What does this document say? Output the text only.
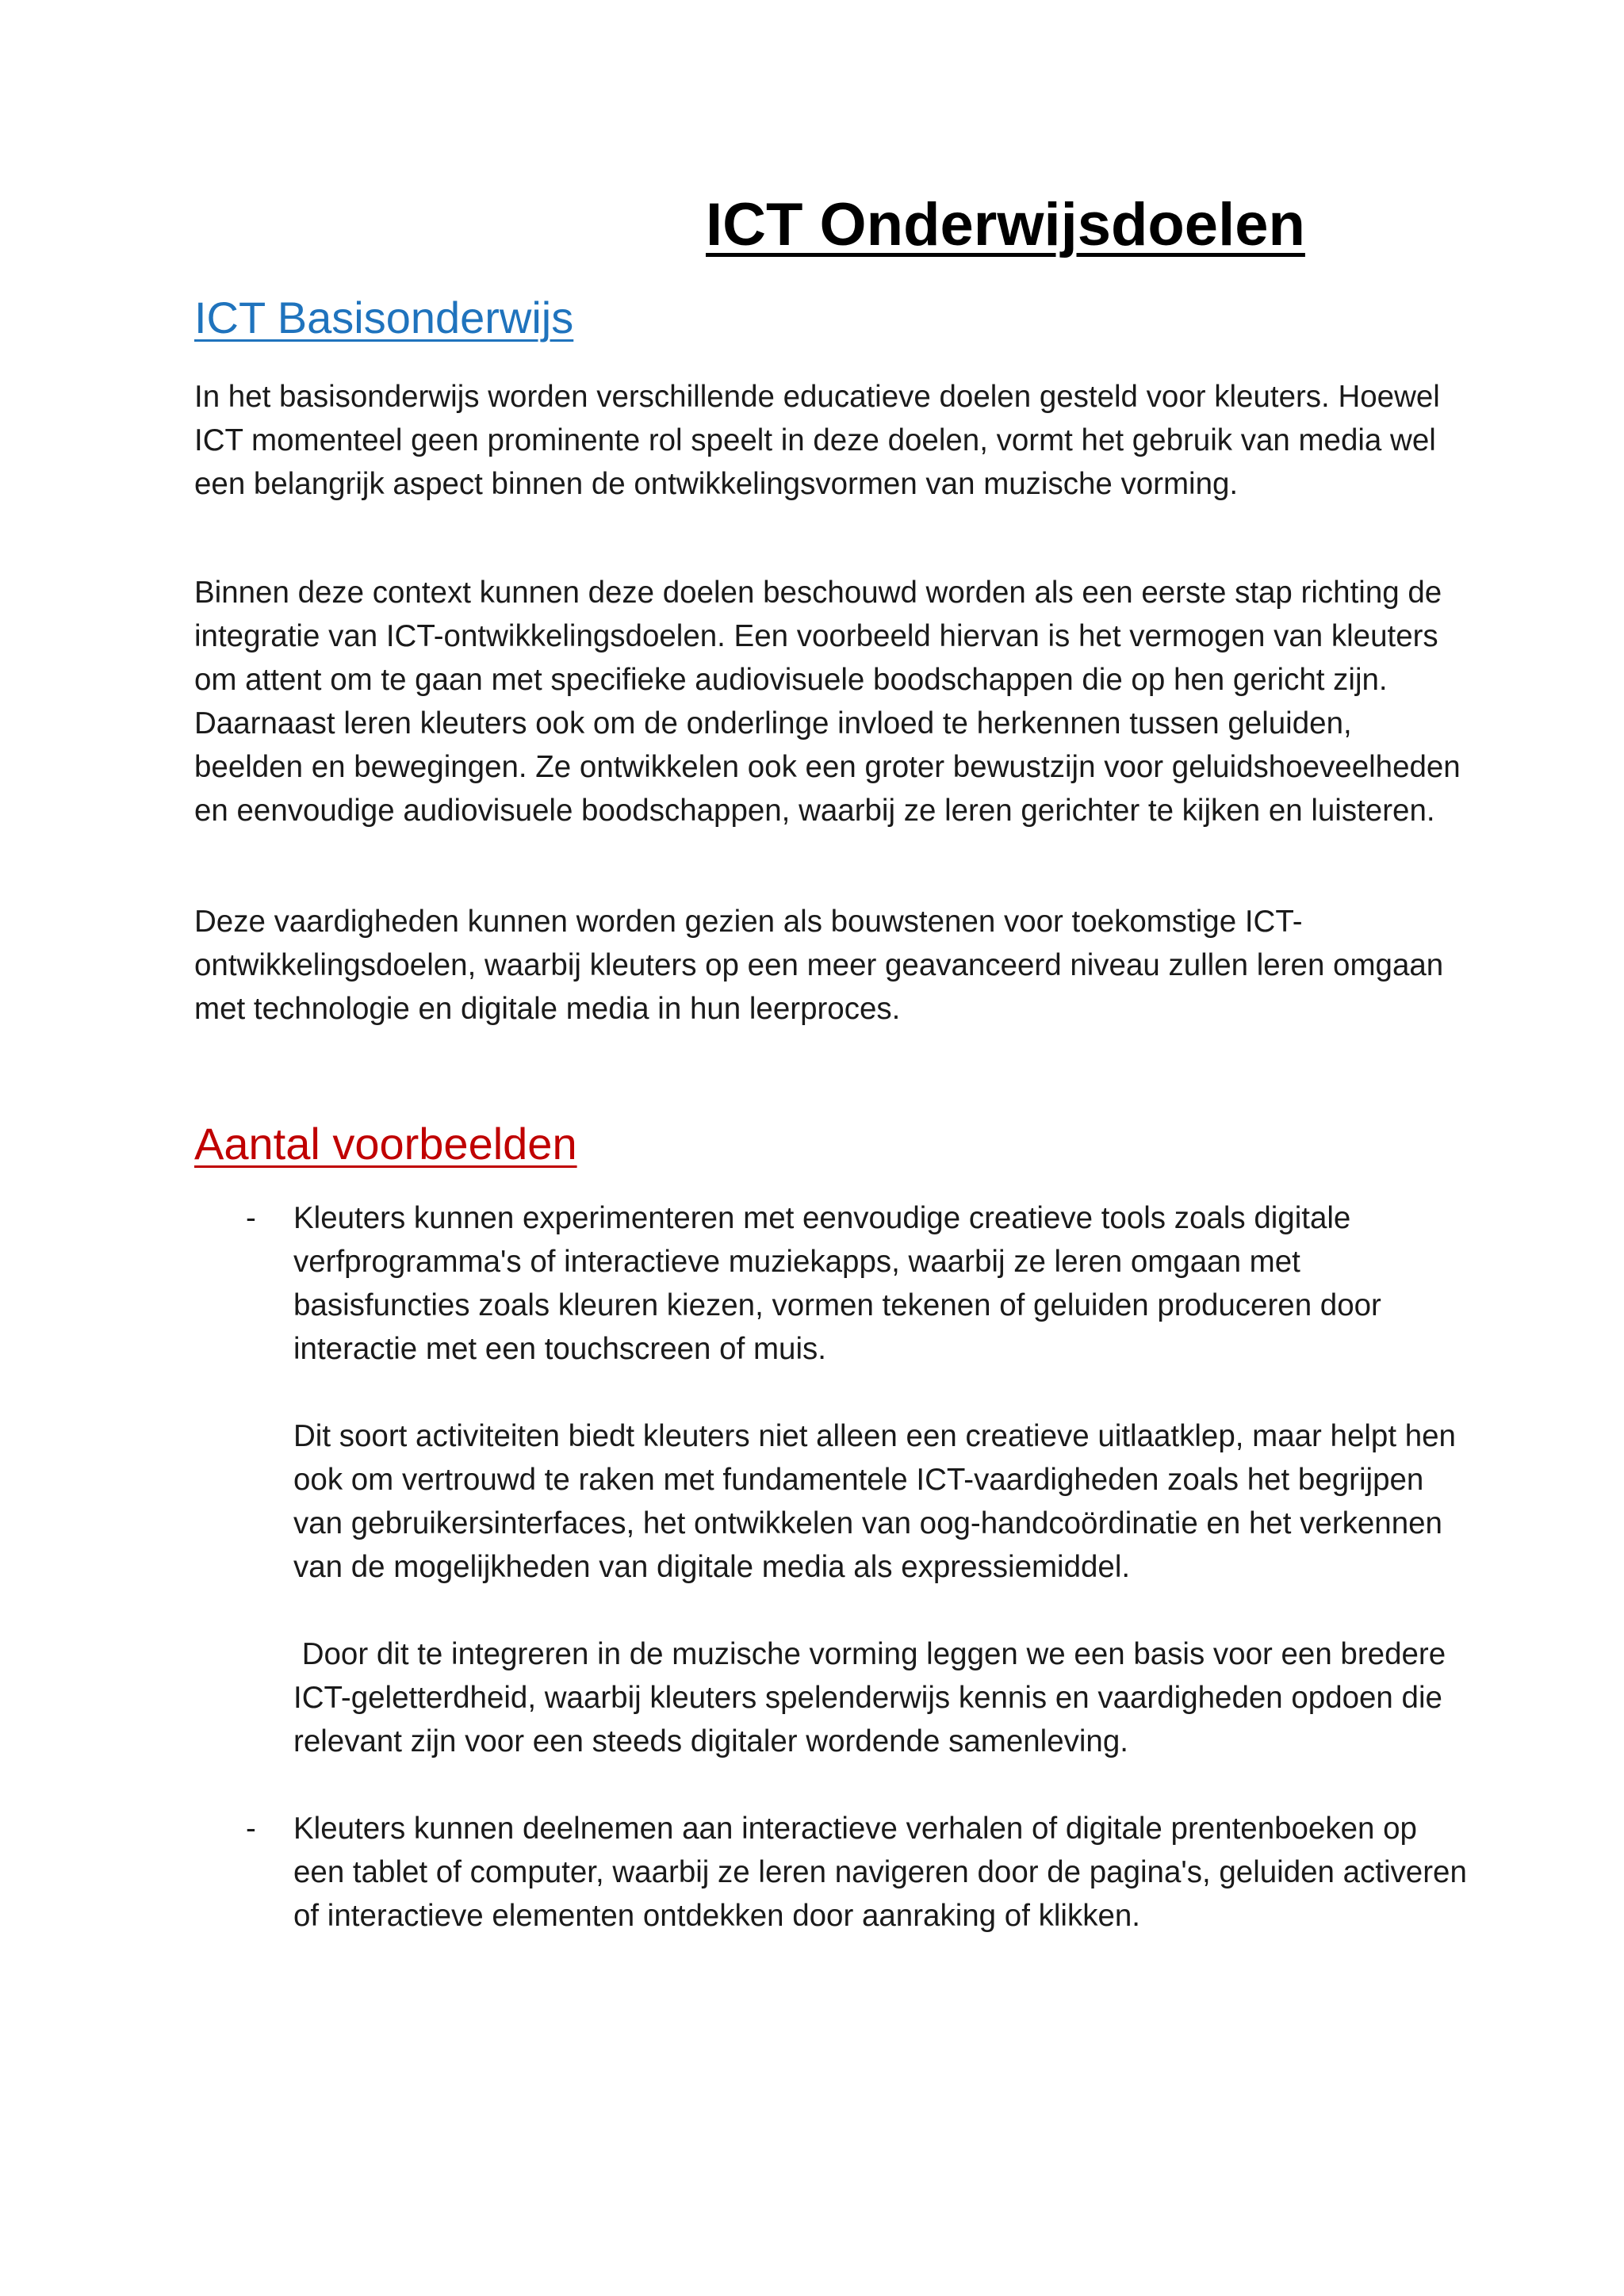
ICT Onderwijsdoelen
ICT Basisonderwijs

In het basisonderwijs worden verschillende educatieve doelen gesteld voor kleuters. Hoewel ICT momenteel geen prominente rol speelt in deze doelen, vormt het gebruik van media wel een belangrijk aspect binnen de ontwikkelingsvormen van muzische vorming.

Binnen deze context kunnen deze doelen beschouwd worden als een eerste stap richting de integratie van ICT-ontwikkelingsdoelen. Een voorbeeld hiervan is het vermogen van kleuters om attent om te gaan met specifieke audiovisuele boodschappen die op hen gericht zijn. Daarnaast leren kleuters ook om de onderlinge invloed te herkennen tussen geluiden, beelden en bewegingen. Ze ontwikkelen ook een groter bewustzijn voor geluidshoeveelheden en eenvoudige audiovisuele boodschappen, waarbij ze leren gerichter te kijken en luisteren.

Deze vaardigheden kunnen worden gezien als bouwstenen voor toekomstige ICT-ontwikkelingsdoelen, waarbij kleuters op een meer geavanceerd niveau zullen leren omgaan met technologie en digitale media in hun leerproces.

Aantal voorbeelden
- Kleuters kunnen experimenteren met eenvoudige creatieve tools zoals digitale verfprogramma's of interactieve muziekapps, waarbij ze leren omgaan met basisfuncties zoals kleuren kiezen, vormen tekenen of geluiden produceren door interactie met een touchscreen of muis.

Dit soort activiteiten biedt kleuters niet alleen een creatieve uitlaatklep, maar helpt hen ook om vertrouwd te raken met fundamentele ICT-vaardigheden zoals het begrijpen van gebruikersinterfaces, het ontwikkelen van oog-handcoördinatie en het verkennen van de mogelijkheden van digitale media als expressiemiddel.

Door dit te integreren in de muzische vorming leggen we een basis voor een bredere ICT-geletterdheid, waarbij kleuters spelenderwijs kennis en vaardigheden opdoen die relevant zijn voor een steeds digitaler wordende samenleving.

- Kleuters kunnen deelnemen aan interactieve verhalen of digitale prentenboeken op een tablet of computer, waarbij ze leren navigeren door de pagina's, geluiden activeren of interactieve elementen ontdekken door aanraking of klikken.
